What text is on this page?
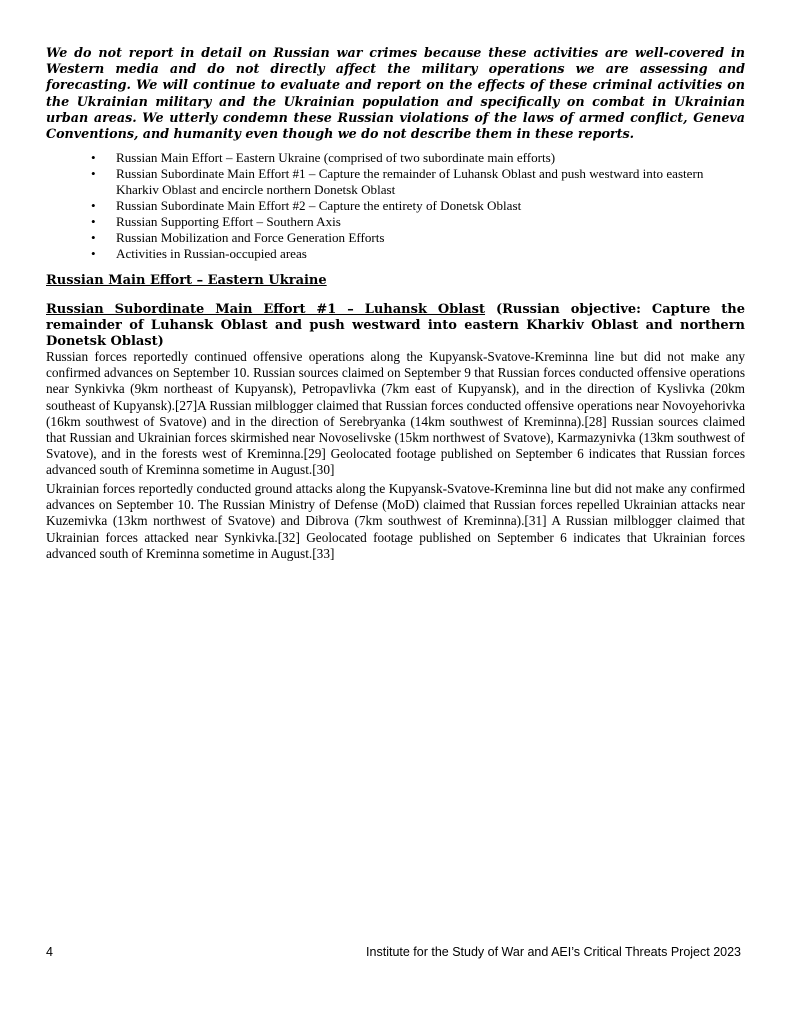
We do not report in detail on Russian war crimes because these activities are well-covered in Western media and do not directly affect the military operations we are assessing and forecasting. We will continue to evaluate and report on the effects of these criminal activities on the Ukrainian military and the Ukrainian population and specifically on combat in Ukrainian urban areas. We utterly condemn these Russian violations of the laws of armed conflict, Geneva Conventions, and humanity even though we do not describe them in these reports.

• Russian Main Effort – Eastern Ukraine (comprised of two subordinate main efforts)
• Russian Subordinate Main Effort #1 – Capture the remainder of Luhansk Oblast and push westward into eastern Kharkiv Oblast and encircle northern Donetsk Oblast
• Russian Subordinate Main Effort #2 – Capture the entirety of Donetsk Oblast
• Russian Supporting Effort – Southern Axis
• Russian Mobilization and Force Generation Efforts
• Activities in Russian-occupied areas

Russian Main Effort – Eastern Ukraine

Russian Subordinate Main Effort #1 – Luhansk Oblast (Russian objective: Capture the remainder of Luhansk Oblast and push westward into eastern Kharkiv Oblast and northern Donetsk Oblast)

Russian forces reportedly continued offensive operations along the Kupyansk-Svatove-Kreminna line but did not make any confirmed advances on September 10. Russian sources claimed on September 9 that Russian forces conducted offensive operations near Synkivka (9km northeast of Kupyansk), Petropavlivka (7km east of Kupyansk), and in the direction of Kyslivka (20km southeast of Kupyansk).[27]A Russian milblogger claimed that Russian forces conducted offensive operations near Novoyehorivka (16km southwest of Svatove) and in the direction of Serebryanka (14km southwest of Kreminna).[28] Russian sources claimed that Russian and Ukrainian forces skirmished near Novoselivske (15km northwest of Svatove), Karmazynivka (13km southwest of Svatove), and in the forests west of Kreminna.[29] Geolocated footage published on September 6 indicates that Russian forces advanced south of Kreminna sometime in August.[30]

Ukrainian forces reportedly conducted ground attacks along the Kupyansk-Svatove-Kreminna line but did not make any confirmed advances on September 10. The Russian Ministry of Defense (MoD) claimed that Russian forces repelled Ukrainian attacks near Kuzemivka (13km northwest of Svatove) and Dibrova (7km southwest of Kreminna).[31] A Russian milblogger claimed that Ukrainian forces attacked near Synkivka.[32] Geolocated footage published on September 6 indicates that Ukrainian forces advanced south of Kreminna sometime in August.[33]

4	Institute for the Study of War and AEI’s Critical Threats Project 2023
